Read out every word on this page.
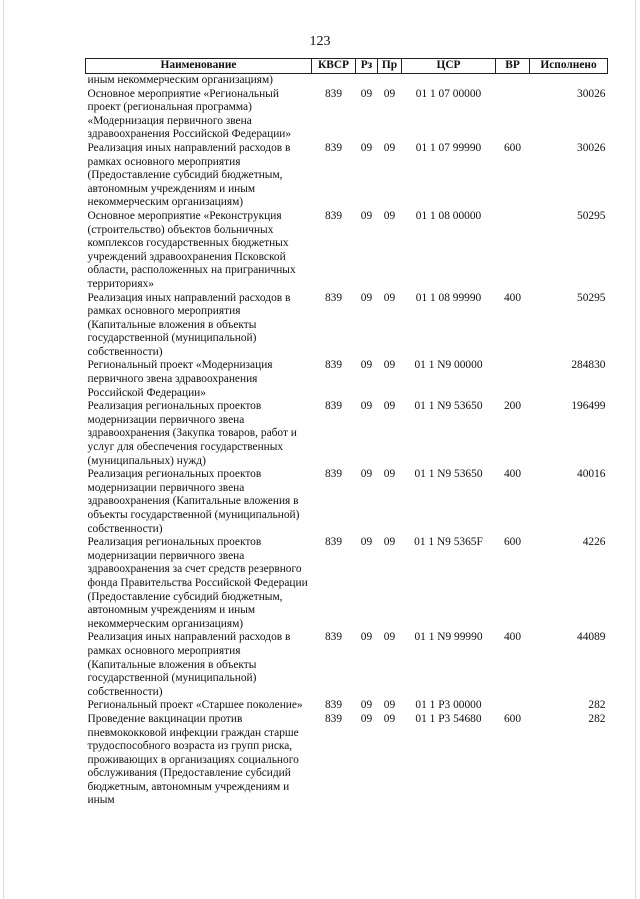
123
Наименование	КВСР	Рз	Пр	ЦСР	ВР	Исполнено
иным некоммерческим организациям)						
Основное мероприятие «Региональный проект (региональная программа) «Модернизация первичного звена здравоохранения Российской Федерации»	839	09	09	01 1 07 00000		30026
Реализация иных направлений расходов в рамках основного мероприятия (Предоставление субсидий бюджетным, автономным учреждениям и иным некоммерческим организациям)	839	09	09	01 1 07 99990	600	30026
Основное мероприятие «Реконструкция (строительство) объектов больничных комплексов государственных бюджетных учреждений здравоохранения Псковской области, расположенных на приграничных территориях»	839	09	09	01 1 08 00000		50295
Реализация иных направлений расходов в рамках основного мероприятия (Капитальные вложения в объекты государственной (муниципальной) собственности)	839	09	09	01 1 08 99990	400	50295
Региональный проект «Модернизация первичного звена здравоохранения Российской Федерации»	839	09	09	01 1 N9 00000		284830
Реализация региональных проектов модернизации первичного звена здравоохранения (Закупка товаров, работ и услуг для обеспечения государственных (муниципальных) нужд)	839	09	09	01 1 N9 53650	200	196499
Реализация региональных проектов модернизации первичного звена здравоохранения (Капитальные вложения в объекты государственной (муниципальной) собственности)	839	09	09	01 1 N9 53650	400	40016
Реализация региональных проектов модернизации первичного звена здравоохранения за счет средств резервного фонда Правительства Российской Федерации (Предоставление субсидий бюджетным, автономным учреждениям и иным некоммерческим организациям)	839	09	09	01 1 N9 5365F	600	4226
Реализация иных направлений расходов в рамках основного мероприятия (Капитальные вложения в объекты государственной (муниципальной) собственности)	839	09	09	01 1 N9 99990	400	44089
Региональный проект «Старшее поколение»	839	09	09	01 1 P3 00000		282
Проведение вакцинации против пневмококковой инфекции граждан старше трудоспособного возраста из групп риска, проживающих в организациях социального обслуживания (Предоставление субсидий бюджетным, автономным учреждениям и иным	839	09	09	01 1 P3 54680	600	282
